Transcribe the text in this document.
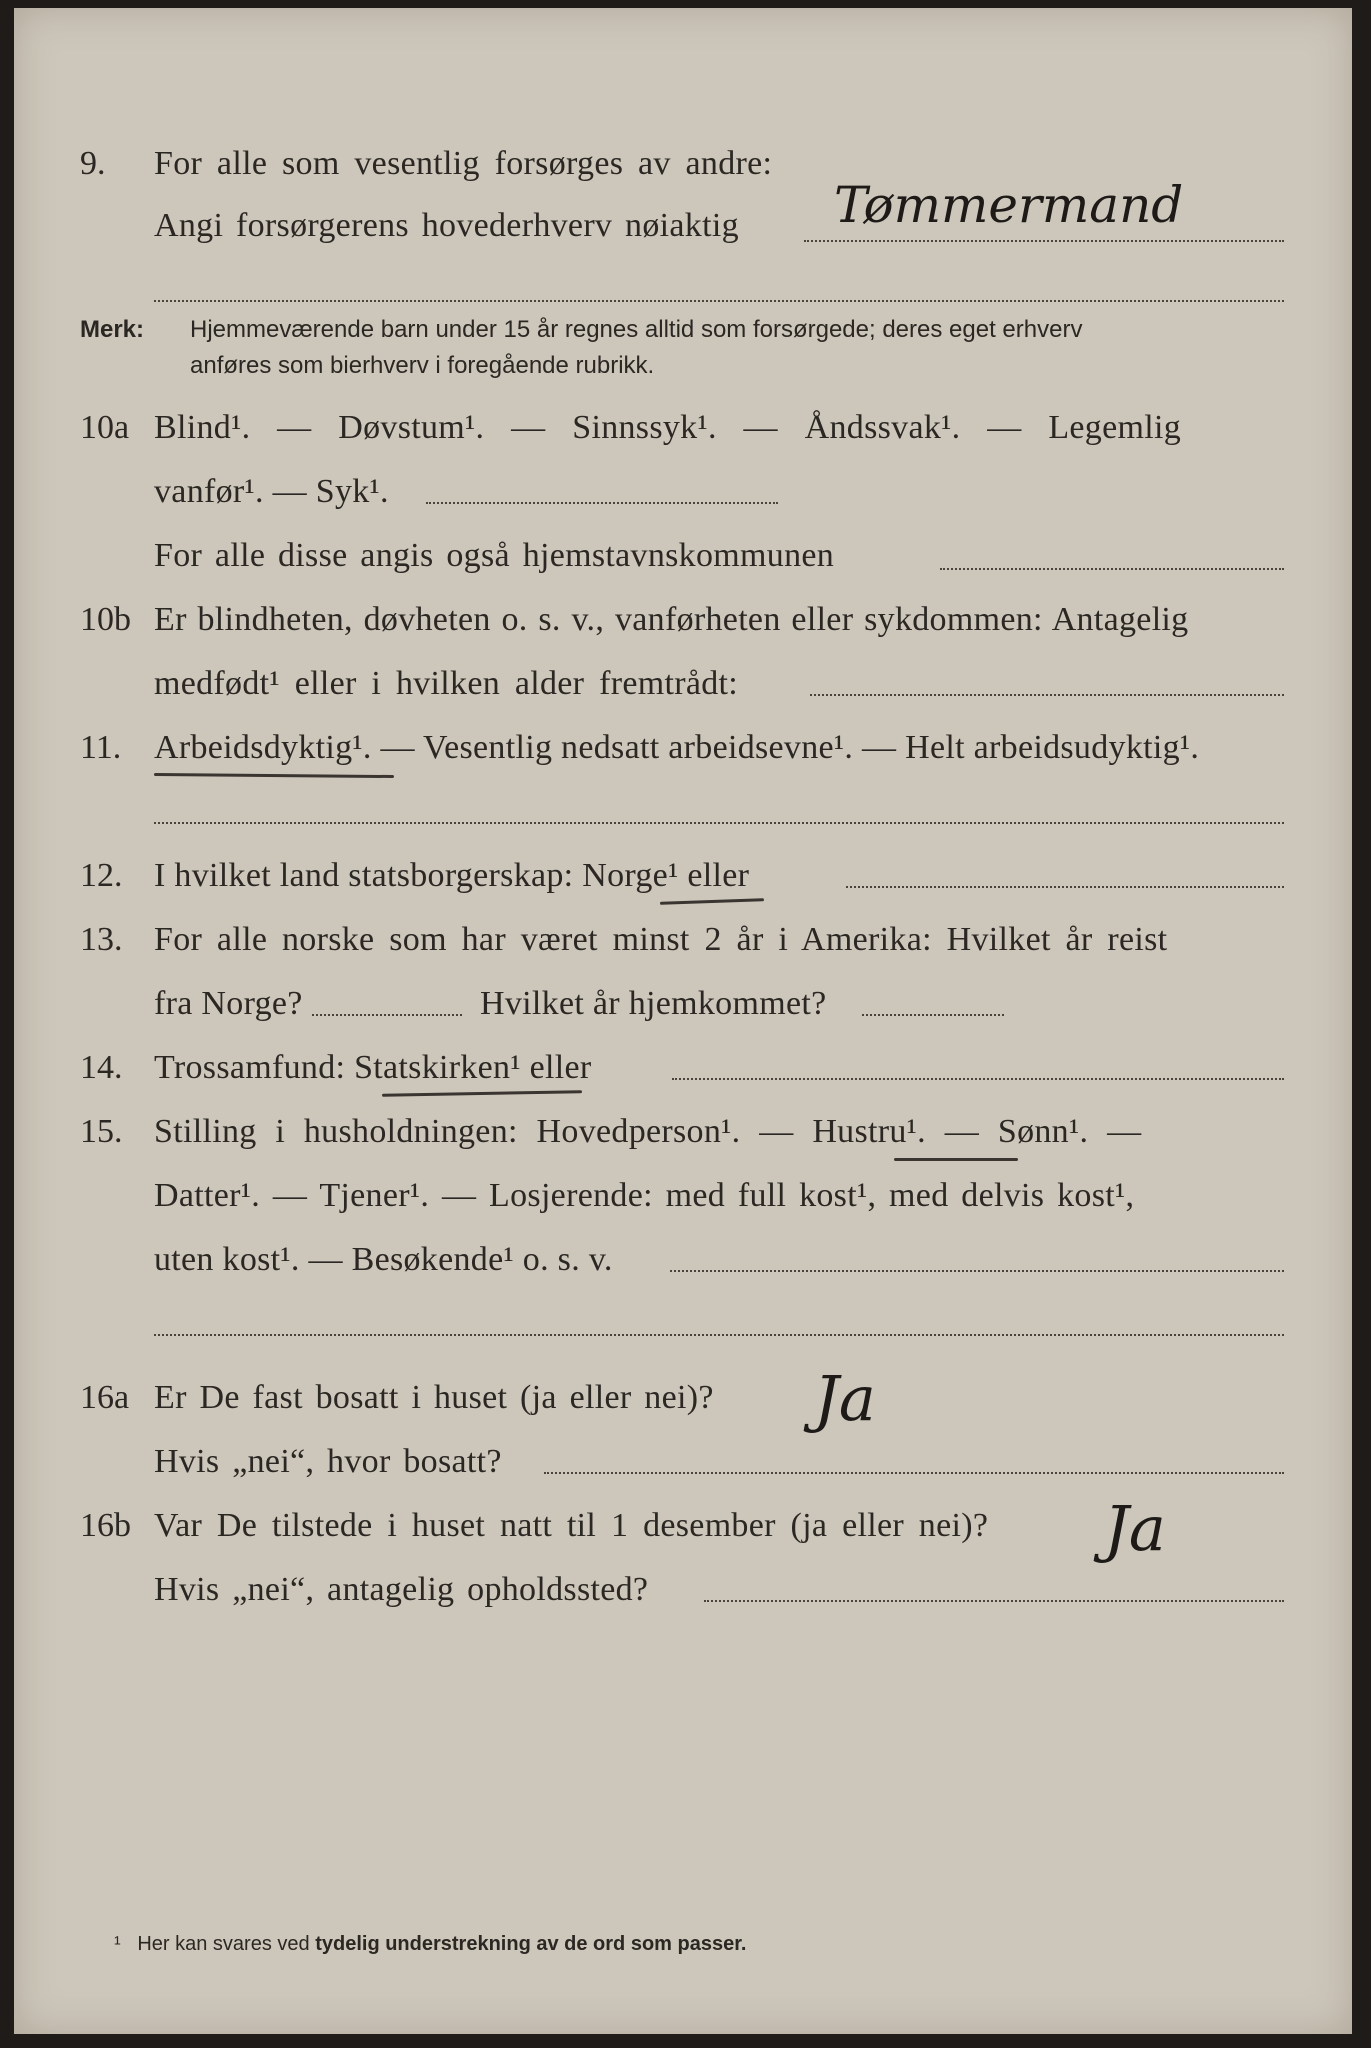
9. For alle som vesentlig forsørges av andre:
Angi forsørgerens hovederhverv nøiaktig Tømmermand
Merk: Hjemmeværende barn under 15 år regnes alltid som forsørgede; deres eget erhverv
anføres som bierhverv i foregående rubrikk.
10a Blind¹. — Døvstum¹. — Sinnssyk¹. — Åndssvak¹. — Legemlig
vanfør¹. — Syk¹.
For alle disse angis også hjemstavnskommunen
10b Er blindheten, døvheten o. s. v., vanførheten eller sykdommen: Antagelig
medfødt¹ eller i hvilken alder fremtrådt:
11. Arbeidsdyktig¹. — Vesentlig nedsatt arbeidsevne¹. — Helt arbeidsudyktig¹.
12. I hvilket land statsborgerskap: Norge¹ eller
13. For alle norske som har været minst 2 år i Amerika: Hvilket år reist
fra Norge?	Hvilket år hjemkommet?
14. Trossamfund: Statskirken¹ eller
15. Stilling i husholdningen: Hovedperson¹. — Hustru¹. — Sønn¹. —
Datter¹. — Tjener¹. — Losjerende: med full kost¹, med delvis kost¹,
uten kost¹. — Besøkende¹ o. s. v.
16a Er De fast bosatt i huset (ja eller nei)? Ja
Hvis „nei“, hvor bosatt?
16b Var De tilstede i huset natt til 1 desember (ja eller nei)? Ja
Hvis „nei“, antagelig opholdssted?
¹ Her kan svares ved tydelig understrekning av de ord som passer.
